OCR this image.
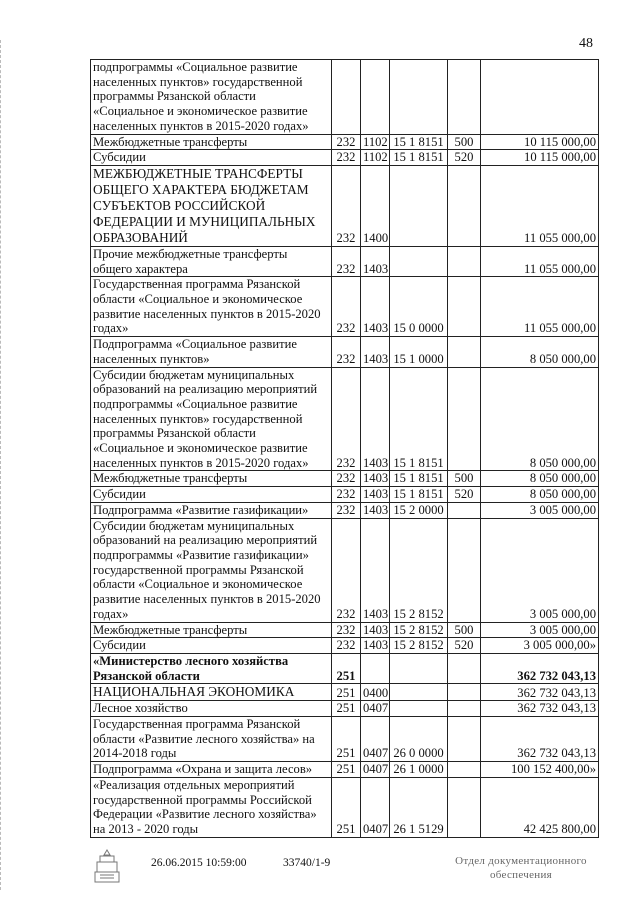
48
подпрограммы «Социальное развитие населенных пунктов» государственной программы Рязанской области «Социальное и экономическое развитие населенных пунктов в 2015-2020 годах»					
Межбюджетные трансферты	232	1102	15 1 8151	500	10 115 000,00
Субсидии	232	1102	15 1 8151	520	10 115 000,00
МЕЖБЮДЖЕТНЫЕ ТРАНСФЕРТЫ ОБЩЕГО ХАРАКТЕРА БЮДЖЕТАМ СУБЪЕКТОВ РОССИЙСКОЙ ФЕДЕРАЦИИ И МУНИЦИПАЛЬНЫХ ОБРАЗОВАНИЙ	232	1400			11 055 000,00
Прочие межбюджетные трансферты общего характера	232	1403			11 055 000,00
Государственная программа Рязанской области «Социальное и экономическое развитие населенных пунктов в 2015-2020 годах»	232	1403	15 0 0000		11 055 000,00
Подпрограмма «Социальное развитие населенных пунктов»	232	1403	15 1 0000		8 050 000,00
Субсидии бюджетам муниципальных образований на реализацию мероприятий подпрограммы «Социальное развитие населенных пунктов» государственной программы Рязанской области «Социальное и экономическое развитие населенных пунктов в 2015-2020 годах»	232	1403	15 1 8151		8 050 000,00
Межбюджетные трансферты	232	1403	15 1 8151	500	8 050 000,00
Субсидии	232	1403	15 1 8151	520	8 050 000,00
Подпрограмма «Развитие газификации»	232	1403	15 2 0000		3 005 000,00
Субсидии бюджетам муниципальных образований на реализацию мероприятий подпрограммы «Развитие газификации» государственной программы Рязанской области «Социальное и экономическое развитие населенных пунктов в 2015-2020 годах»	232	1403	15 2 8152		3 005 000,00
Межбюджетные трансферты	232	1403	15 2 8152	500	3 005 000,00
Субсидии	232	1403	15 2 8152	520	3 005 000,00»
«Министерство лесного хозяйства Рязанской области	251				362 732 043,13
НАЦИОНАЛЬНАЯ ЭКОНОМИКА	251	0400			362 732 043,13
Лесное хозяйство	251	0407			362 732 043,13
Государственная программа Рязанской области «Развитие лесного хозяйства» на 2014-2018 годы	251	0407	26 0 0000		362 732 043,13
Подпрограмма «Охрана и защита лесов»	251	0407	26 1 0000		100 152 400,00»
«Реализация отдельных мероприятий государственной программы Российской Федерации «Развитие лесного хозяйства» на 2013 - 2020 годы	251	0407	26 1 5129		42 425 800,00
26.06.2015 10:59:00	33740/1-9	Отдел документационного
обеспечения
